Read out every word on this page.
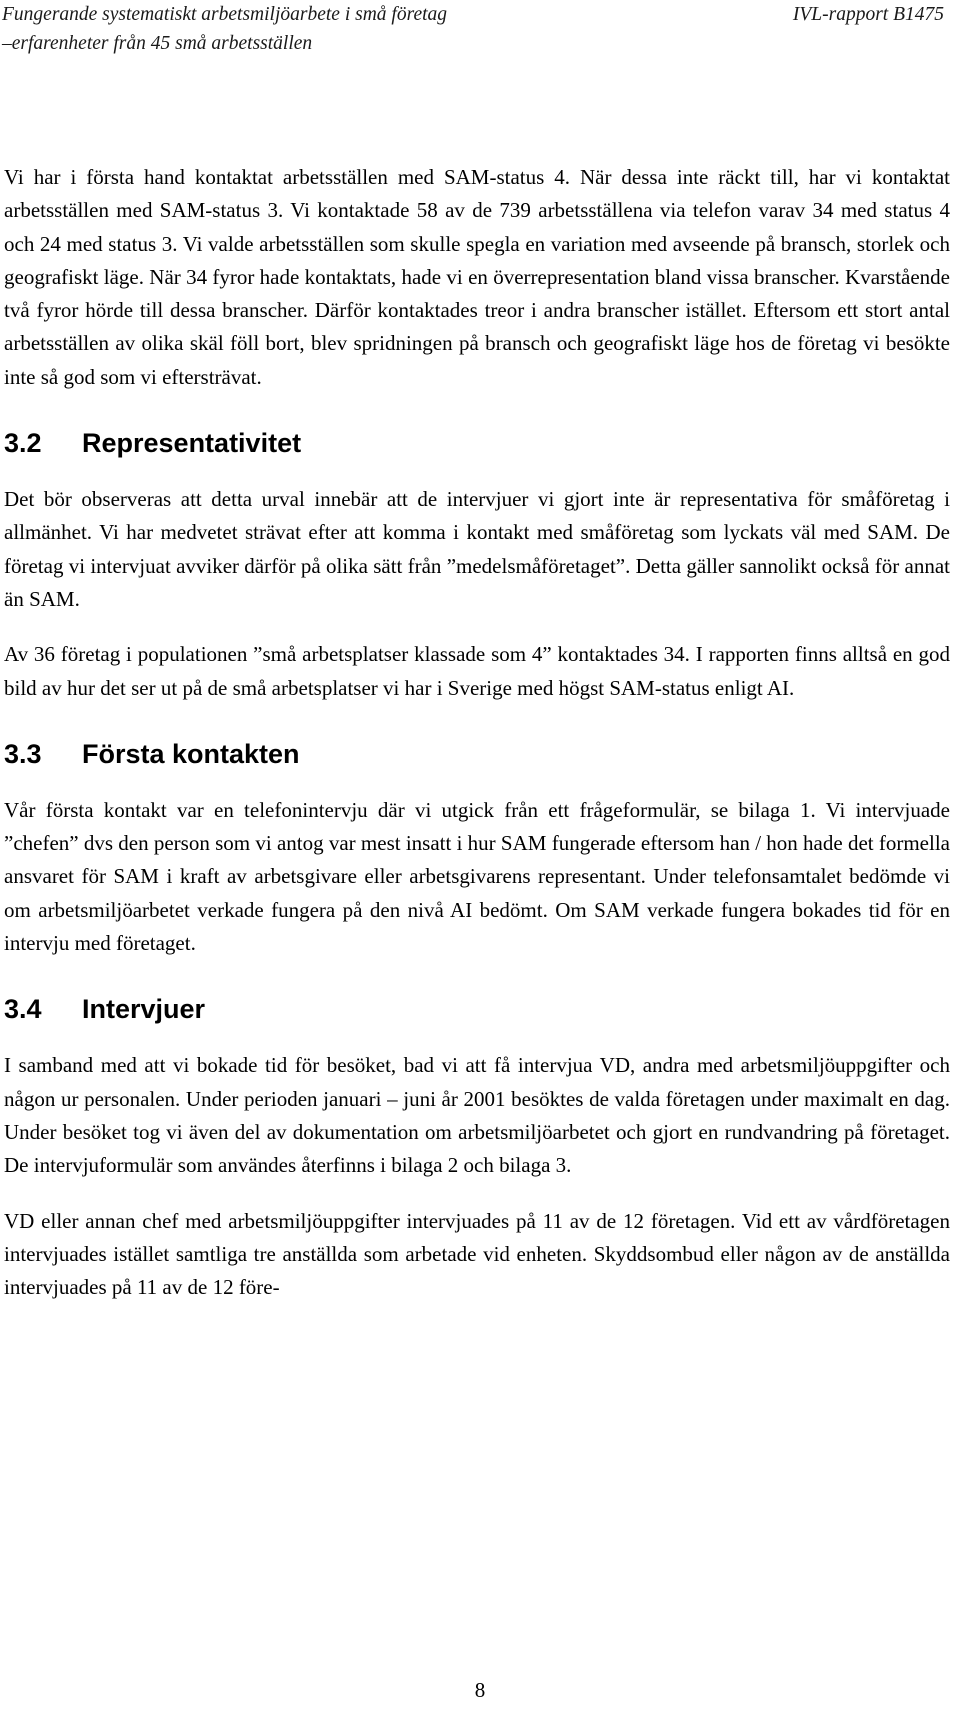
Fungerande systematiskt arbetsmiljöarbete i små företag	IVL-rapport B1475
–erfarenheter från 45 små arbetsställen

Vi har i första hand kontaktat arbetsställen med SAM-status 4. När dessa inte räckt till, har vi kontaktat arbetsställen med SAM-status 3. Vi kontaktade 58 av de 739 arbetsställena via telefon varav 34 med status 4 och 24 med status 3. Vi valde arbetsställen som skulle spegla en variation med avseende på bransch, storlek och geografiskt läge. När 34 fyror hade kontaktats, hade vi en överrepresentation bland vissa branscher. Kvarstående två fyror hörde till dessa branscher. Därför kontaktades treor i andra branscher istället. Eftersom ett stort antal arbetsställen av olika skäl föll bort, blev spridningen på bransch och geografiskt läge hos de företag vi besökte inte så god som vi eftersträvat.

3.2	Representativitet

Det bör observeras att detta urval innebär att de intervjuer vi gjort inte är representativa för småföretag i allmänhet. Vi har medvetet strävat efter att komma i kontakt med småföretag som lyckats väl med SAM. De företag vi intervjuat avviker därför på olika sätt från ”medelsmåföretaget”. Detta gäller sannolikt också för annat än SAM.

Av 36 företag i populationen ”små arbetsplatser klassade som 4” kontaktades 34. I rapporten finns alltså en god bild av hur det ser ut på de små arbetsplatser vi har i Sverige med högst SAM-status enligt AI.

3.3	Första kontakten

Vår första kontakt var en telefonintervju där vi utgick från ett frågeformulär, se bilaga 1. Vi intervjuade ”chefen” dvs den person som vi antog var mest insatt i hur SAM fungerade eftersom han / hon hade det formella ansvaret för SAM i kraft av arbetsgivare eller arbetsgivarens representant. Under telefonsamtalet bedömde vi om arbetsmiljöarbetet verkade fungera på den nivå AI bedömt. Om SAM verkade fungera bokades tid för en intervju med företaget.

3.4	Intervjuer

I samband med att vi bokade tid för besöket, bad vi att få intervjua VD, andra med arbetsmiljöuppgifter och någon ur personalen. Under perioden januari – juni år 2001 besöktes de valda företagen under maximalt en dag. Under besöket tog vi även del av dokumentation om arbetsmiljöarbetet och gjort en rundvandring på företaget. De intervjuformulär som användes återfinns i bilaga 2 och bilaga 3.

VD eller annan chef med arbetsmiljöuppgifter intervjuades på 11 av de 12 företagen. Vid ett av vårdföretagen intervjuades istället samtliga tre anställda som arbetade vid enheten. Skyddsombud eller någon av de anställda intervjuades på 11 av de 12 före-

8
